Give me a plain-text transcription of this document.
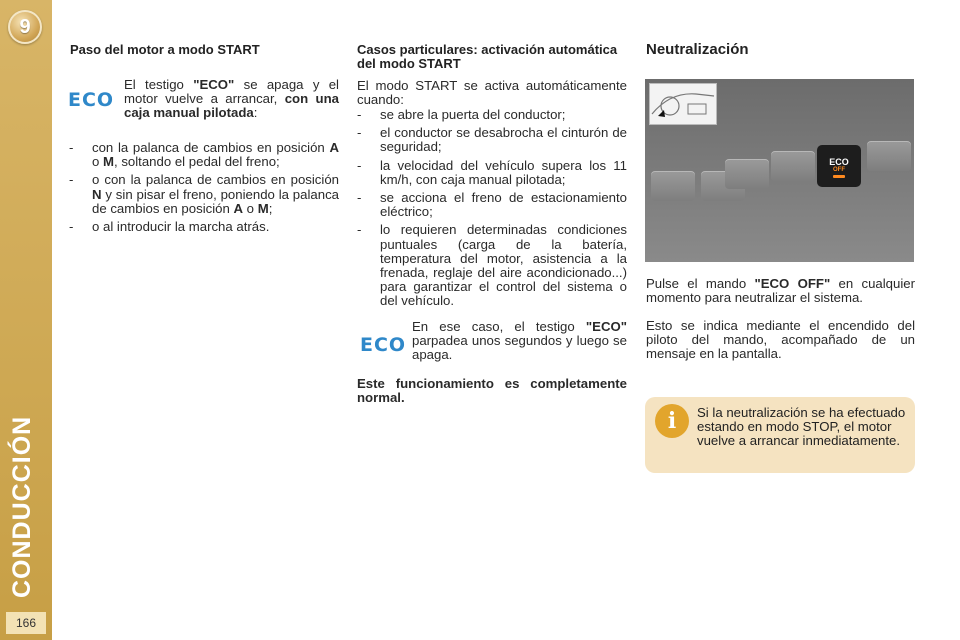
9
CONDUCCIÓN
166
Paso del motor a modo START
ECO
El testigo "ECO" se apaga y el motor vuelve a arrancar, con una caja manual pilotada:
- con la palanca de cambios en posición A o M, soltando el pedal del freno;
- o con la palanca de cambios en posición N y sin pisar el freno, poniendo la palanca de cambios en posición A o M;
- o al introducir la marcha atrás.
Casos particulares: activación automática del modo START
El modo START se activa automáticamente cuando:
- se abre la puerta del conductor;
- el conductor se desabrocha el cinturón de seguridad;
- la velocidad del vehículo supera los 11 km/h, con caja manual pilotada;
- se acciona el freno de estacionamiento eléctrico;
- lo requieren determinadas condiciones puntuales (carga de la batería, temperatura del motor, asistencia a la frenada, reglaje del aire acondicionado...) para garantizar el control del sistema o del vehículo.
ECO
En ese caso, el testigo "ECO" parpadea unos segundos y luego se apaga.
Este funcionamiento es completamente normal.
Neutralización
ECO
OFF
Pulse el mando "ECO OFF" en cualquier momento para neutralizar el sistema.
Esto se indica mediante el encendido del piloto del mando, acompañado de un mensaje en la pantalla.
i	Si la neutralización se ha efectuado estando en modo STOP, el motor vuelve a arrancar inmediatamente.
